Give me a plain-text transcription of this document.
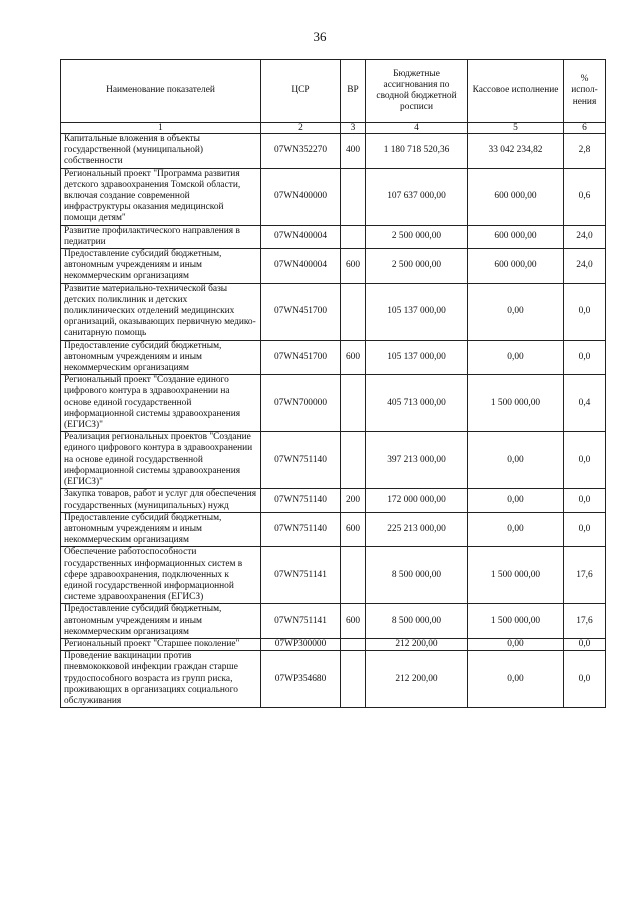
36
Наименование показателей	ЦСР	ВР	Бюджетные ассигнования по сводной бюджетной росписи	Кассовое исполнение	% испол-нения
1	2	3	4	5	6
Капитальные вложения в объекты государственной (муниципальной) собственности	07WN352270	400	1 180 718 520,36	33 042 234,82	2,8
Региональный проект "Программа развития детского здравоохранения Томской области, включая создание современной инфраструктуры оказания медицинской помощи детям"	07WN400000		107 637 000,00	600 000,00	0,6
Развитие профилактического направления в педиатрии	07WN400004		2 500 000,00	600 000,00	24,0
Предоставление субсидий бюджетным, автономным учреждениям и иным некоммерческим организациям	07WN400004	600	2 500 000,00	600 000,00	24,0
Развитие материально-технической базы детских поликлиник и детских поликлинических отделений медицинских организаций, оказывающих первичную медико-санитарную помощь	07WN451700		105 137 000,00	0,00	0,0
Предоставление субсидий бюджетным, автономным учреждениям и иным некоммерческим организациям	07WN451700	600	105 137 000,00	0,00	0,0
Региональный проект "Создание единого цифрового контура в здравоохранении на основе единой государственной информационной системы здравоохранения (ЕГИСЗ)"	07WN700000		405 713 000,00	1 500 000,00	0,4
Реализация региональных проектов "Создание единого цифрового контура в здравоохранении на основе единой государственной информационной системы здравоохранения (ЕГИСЗ)"	07WN751140		397 213 000,00	0,00	0,0
Закупка товаров, работ и услуг для обеспечения государственных (муниципальных) нужд	07WN751140	200	172 000 000,00	0,00	0,0
Предоставление субсидий бюджетным, автономным учреждениям и иным некоммерческим организациям	07WN751140	600	225 213 000,00	0,00	0,0
Обеспечение работоспособности государственных информационных систем в сфере здравоохранения, подключенных к единой государственной информационной системе здравоохранения (ЕГИСЗ)	07WN751141		8 500 000,00	1 500 000,00	17,6
Предоставление субсидий бюджетным, автономным учреждениям и иным некоммерческим организациям	07WN751141	600	8 500 000,00	1 500 000,00	17,6
Региональный проект "Старшее поколение"	07WP300000		212 200,00	0,00	0,0
Проведение вакцинации против пневмококковой инфекции граждан старше трудоспособного возраста из групп риска, проживающих в организациях социального обслуживания	07WP354680		212 200,00	0,00	0,0
